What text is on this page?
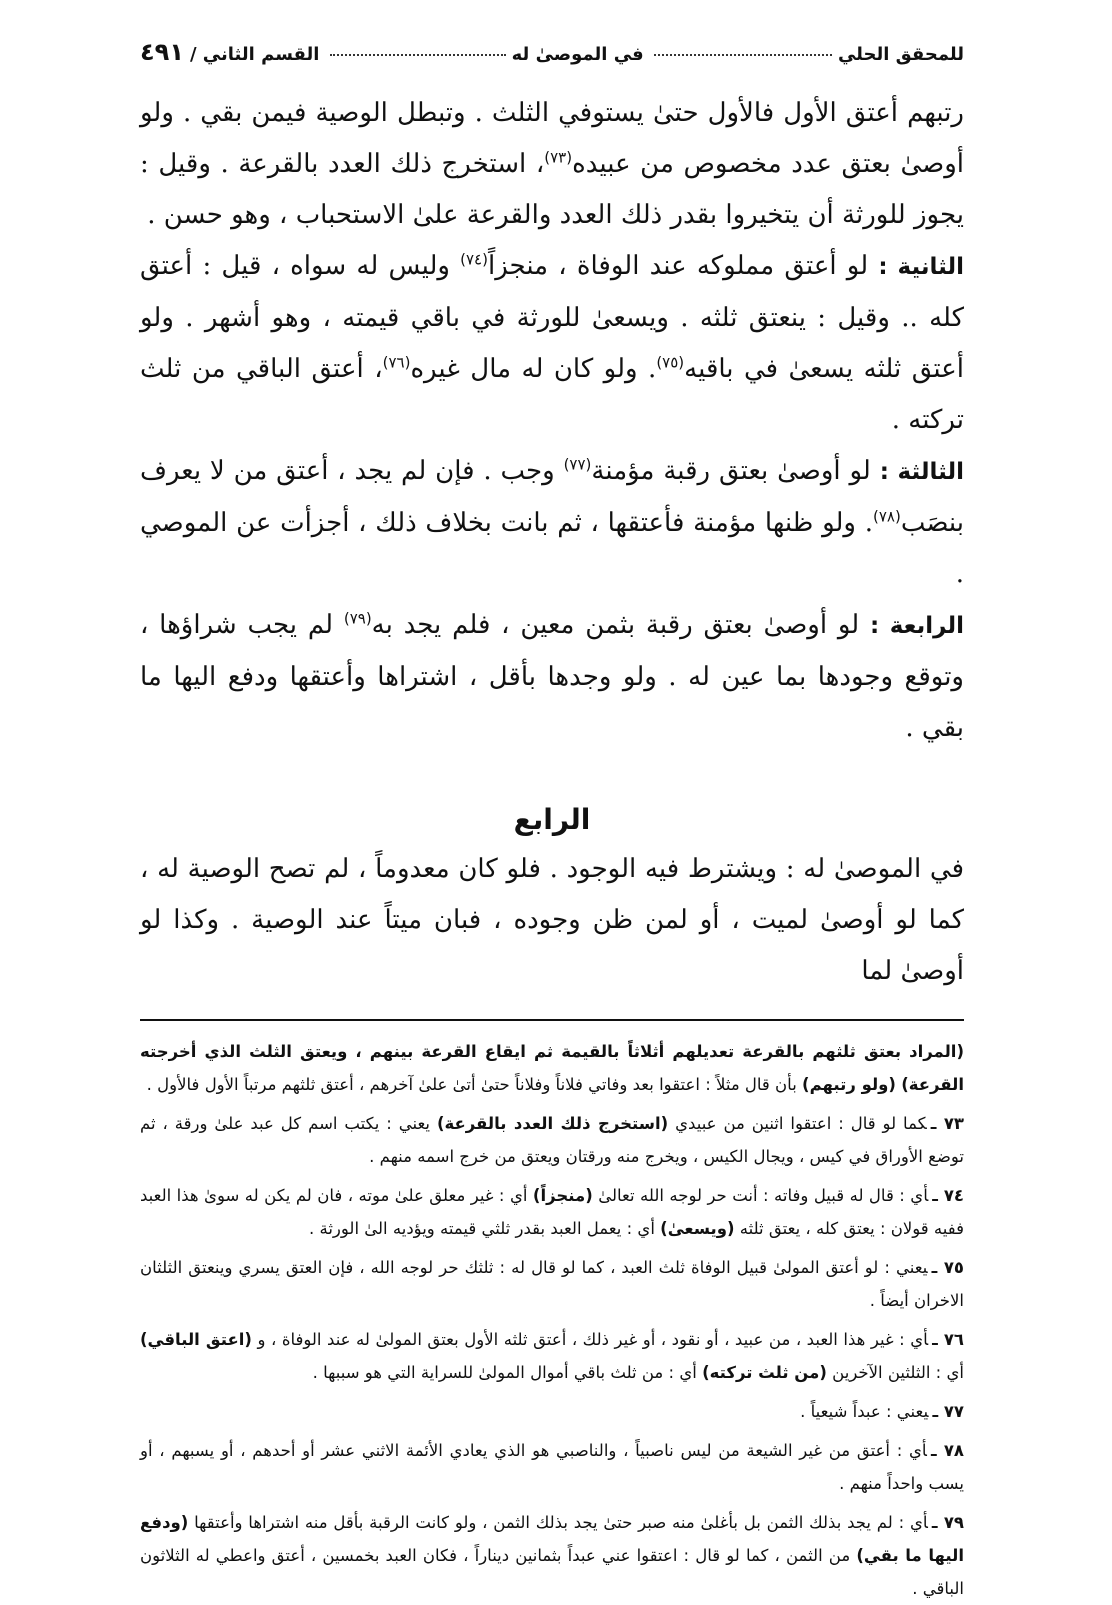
للمحقق الحلي
في الموصىٰ له
القسم الثاني /
٤٩١

رتبهم أعتق الأول فالأول حتىٰ يستوفي الثلث . وتبطل الوصية فيمن بقي . ولو أوصىٰ بعتق عدد مخصوص من عبيده$^{(٧٣)}$، استخرج ذلك العدد بالقرعة . وقيل : يجوز للورثة أن يتخيروا بقدر ذلك العدد والقرعة علىٰ الاستحباب ، وهو حسن .

الثانية : لو أعتق مملوكه عند الوفاة ، منجزاً$^{(٧٤)}$ وليس له سواه ، قيل : أعتق كله .. وقيل : ينعتق ثلثه . ويسعىٰ للورثة في باقي قيمته ، وهو أشهر . ولو أعتق ثلثه يسعىٰ في باقيه$^{(٧٥)}$. ولو كان له مال غيره$^{(٧٦)}$، أعتق الباقي من ثلث تركته .

الثالثة : لو أوصىٰ بعتق رقبة مؤمنة$^{(٧٧)}$ وجب . فإن لم يجد ، أعتق من لا يعرف بنصَب$^{(٧٨)}$. ولو ظنها مؤمنة فأعتقها ، ثم بانت بخلاف ذلك ، أجزأت عن الموصي .

الرابعة : لو أوصىٰ بعتق رقبة بثمن معين ، فلم يجد به$^{(٧٩)}$ لم يجب شراؤها ، وتوقع وجودها بما عين له . ولو وجدها بأقل ، اشتراها وأعتقها ودفع اليها ما بقي .

الرابع

في الموصىٰ له : ويشترط فيه الوجود . فلو كان معدوماً ، لم تصح الوصية له ، كما لو أوصىٰ لميت ، أو لمن ظن وجوده ، فبان ميتاً عند الوصية . وكذا لو أوصىٰ لما

(المراد بعتق ثلثهم بالقرعة تعديلهم أثلاثاً بالقيمة ثم ايقاع القرعة بينهم ، ويعتق الثلث الذي أخرجته القرعة) (ولو رتبهم) بأن قال مثلاً : اعتقوا بعد وفاتي فلاناً وفلاناً حتىٰ أتىٰ علىٰ آخرهم ، أعتق ثلثهم مرتباً الأول فالأول .

٧٣ ـكما لو قال : اعتقوا اثنين من عبيدي (استخرج ذلك العدد بالقرعة) يعني : يكتب اسم كل عبد علىٰ ورقة ، ثم توضع الأوراق في كيس ، ويجال الكيس ، ويخرج منه ورقتان ويعتق من خرج اسمه منهم .

٧٤ ـأي : قال له قبيل وفاته : أنت حر لوجه الله تعالىٰ (منجزاً) أي : غير معلق علىٰ موته ، فان لم يكن له سوىٰ هذا العبد ففيه قولان : يعتق كله ، يعتق ثلثه (ويسعىٰ) أي : يعمل العبد بقدر ثلثي قيمته ويؤديه الىٰ الورثة .

٧٥ ـيعني : لو أعتق المولىٰ قبيل الوفاة ثلث العبد ، كما لو قال له : ثلثك حر لوجه الله ، فإن العتق يسري وينعتق الثلثان الاخران أيضاً .

٧٦ ـأي : غير هذا العبد ، من عبيد ، أو نقود ، أو غير ذلك ، أعتق ثلثه الأول بعتق المولىٰ له عند الوفاة ، و (اعتق الباقي) أي : الثلثين الآخرين (من ثلث تركته) أي : من ثلث باقي أموال المولىٰ للسراية التي هو سببها .

٧٧ ـيعني : عبداً شيعياً .

٧٨ ـأي : أعتق من غير الشيعة من ليس ناصبياً ، والناصبي هو الذي يعادي الأئمة الاثني عشر أو أحدهم ، أو يسبهم ، أو يسب واحداً منهم .

٧٩ ـأي : لم يجد بذلك الثمن بل بأغلىٰ منه صبر حتىٰ يجد بذلك الثمن ، ولو كانت الرقبة بأقل منه اشتراها وأعتقها (ودفع اليها ما بقي) من الثمن ، كما لو قال : اعتقوا عني عبداً بثمانين ديناراً ، فكان العبد بخمسين ، أعتق واعطي له الثلاثون الباقي .
